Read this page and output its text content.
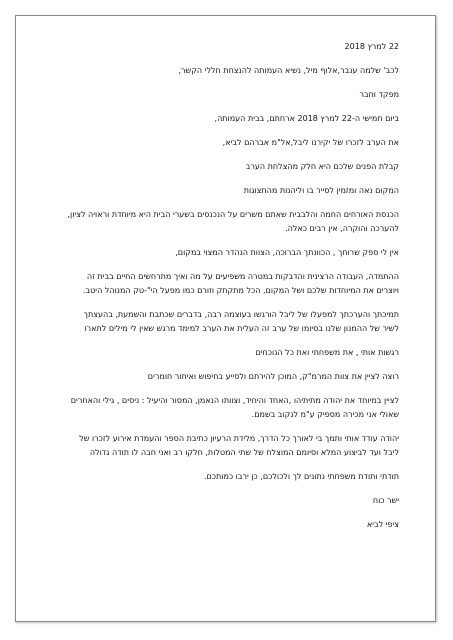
22 למרץ 2018
לכב' שלמה ענבר,אלוף מיל, נשיא העמותה להנצחת חללי הקשר,
מפקד וחבר
ביום חמישי ה-22 למרץ 2018 ארחתם, בבית העמותה,
את הערב לזכרו של יקירנו ליבל,אל"מ אברהם לביא,
קבלת הפנים שלכם היא חלק מהצלחת הערב
המקום נאה ומזמין לסייר בו וליהנות מהתצוגות
הכנסת האורחים החמה והלבבית שאתם משרים על הנכנסים בשערי הבית היא מיוחדת וראויה לציון, להערכה והוקרה, אין רבים כאלה.
אין לי ספק שרוחך , הכוונתך הברוכה, הצוות הנהדר המצוי במקום,
ההתמדה, העבודה הרצינית והדבקות במטרה משפיעים על מה ואיך מתרחשים החיים בבית זה ויוצרים את המיוחדות שלכם ושל המקום, הכל מתקתק וזורם כמו מפעל הי"-טק המנוהל היטב.
תמיכתך והערכתך למפעלו של ליבל הורגשו בעוצמה רבה, בדברים שכתבת והשמעת, בהעצתך לשיר של ההמנון שלנו בסיומו של ערב זה העלית את הערב למימד מרגש שאין לי מילים לתארו
רגשות אותי , את משפחתי ואת כל הנוכחים
רוצה לציין את צוות המרמ"ק, המוכן להירתם ולסייע בחיפוש ואיתור חומרים
לציין במיוחד את יהודה מתיתיהו ,האחד והיחיד, וצוותו הנאמן, המסור והיעיל : ניסים , גילי והאחרים שאולי אני מכירה מספיק ע"מ לנקוב בשמם.
יהודה עודד אותי ותמך בי לאורך כל הדרך, מלידת הרעיון כתיבת הספר והעמדת אירוע לזכרו של ליבל ועד לביצוע המלא וסיומם המוצלח של שתי המטלות, חלקו רב ואני חבה לו תודה גדולה
תודתי ותודת משפחתי נתונים לך ולכולכם, כן ירבו כמותכם.
ישר כוח
ציפי לביא
